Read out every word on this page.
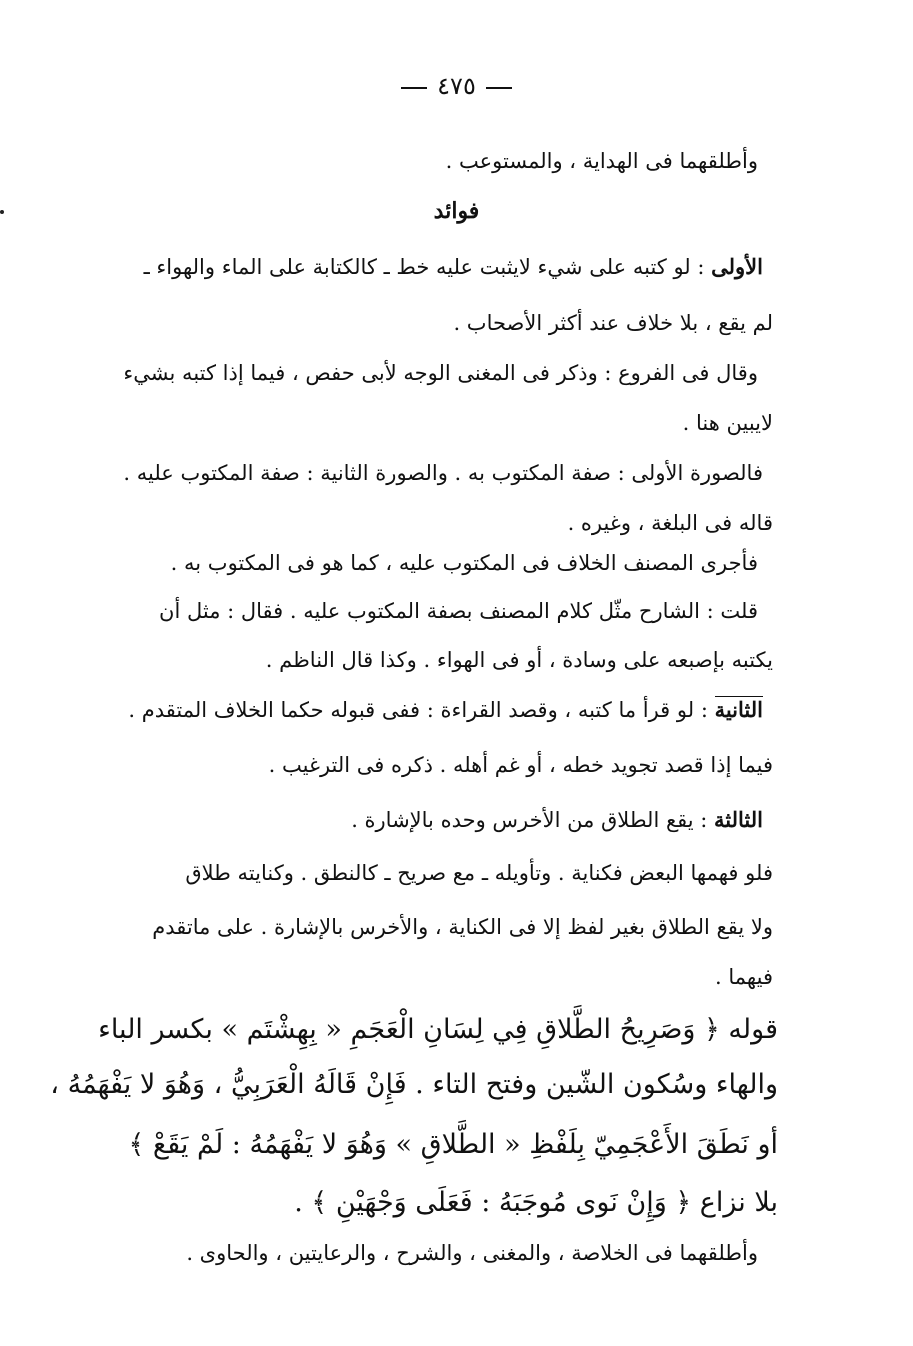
٤٧٥
وأطلقهما فى الهداية ، والمستوعب .
فوائد
الأولى : لو كتبه على شيء لايثبت عليه خط ـ كالكتابة على الماء والهواء ـ
لم يقع ، بلا خلاف عند أكثر الأصحاب .
وقال فى الفروع : وذكر فى المغنى الوجه لأبى حفص ، فيما إذا كتبه بشيء
لايبين هنا .
فالصورة الأولى : صفة المكتوب به . والصورة الثانية : صفة المكتوب عليه .
قاله فى البلغة ، وغيره .
فأجرى المصنف الخلاف فى المكتوب عليه ، كما هو فى المكتوب به .
قلت : الشارح مثّل كلام المصنف بصفة المكتوب عليه . فقال : مثل أن
يكتبه بإصبعه على وسادة ، أو فى الهواء . وكذا قال الناظم .
الثانية : لو قرأ ما كتبه ، وقصد القراءة : ففى قبوله حكما الخلاف المتقدم .
فيما إذا قصد تجويد خطه ، أو غم أهله . ذكره فى الترغيب .
الثالثة : يقع الطلاق من الأخرس وحده بالإشارة .
فلو فهمها البعض فكناية . وتأويله ـ مع صريح ـ كالنطق . وكنايته طلاق
ولا يقع الطلاق بغير لفظ إلا فى الكناية ، والأخرس بالإشارة . على ماتقدم
فيهما .
قوله ﴿ وَصَرِيحُ الطَّلاقِ فِي لِسَانِ الْعَجَمِ « بِهِشْتَم » بكسر الباء
والهاء وسُكون الشّين وفتح التاء . فَإِنْ قَالَهُ الْعَرَبِيُّ ، وَهُوَ لا يَفْهَمُهُ ،
أو نَطَقَ الأَعْجَمِيّ بِلَفْظِ « الطَّلاقِ » وَهُوَ لا يَفْهَمُهُ : لَمْ يَقَعْ ﴾
بلا نزاع ﴿ وَإِنْ نَوى مُوجَبَهُ : فَعَلَى وَجْهَيْنِ ﴾ .
وأطلقهما فى الخلاصة ، والمغنى ، والشرح ، والرعايتين ، والحاوى .
